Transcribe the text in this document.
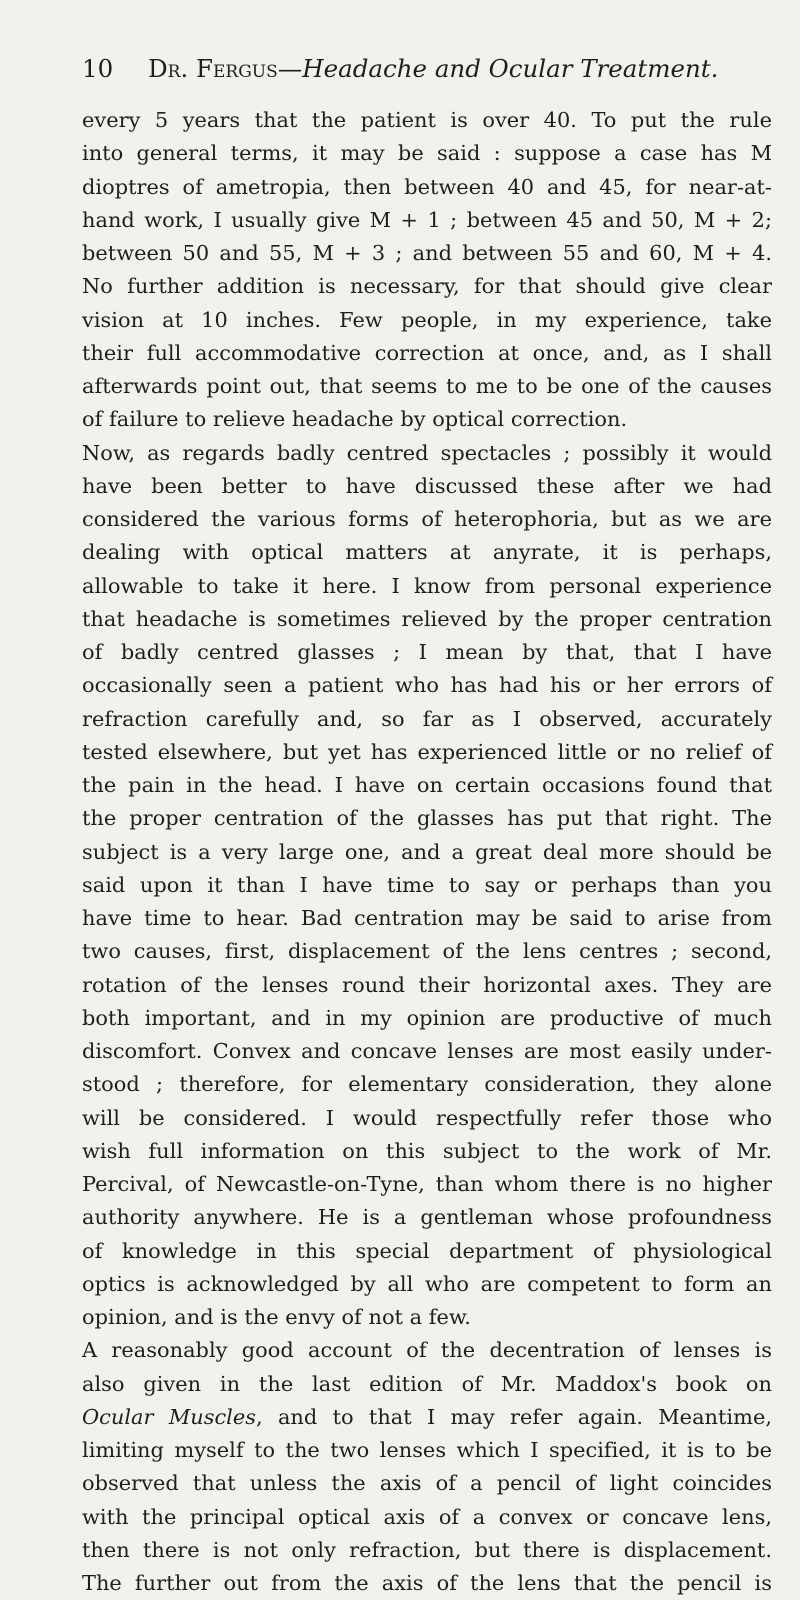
10 Dr. Fergus—Headache and Ocular Treatment.
every 5 years that the patient is over 40. To put the rule
into general terms, it may be said : suppose a case has M
dioptres of ametropia, then between 40 and 45, for near-at-
hand work, I usually give M + 1 ; between 45 and 50, M + 2;
between 50 and 55, M + 3 ; and between 55 and 60, M + 4.
No further addition is necessary, for that should give clear
vision at 10 inches. Few people, in my experience, take
their full accommodative correction at once, and, as I shall
afterwards point out, that seems to me to be one of the causes
of failure to relieve headache by optical correction.
Now, as regards badly centred spectacles ; possibly it would
have been better to have discussed these after we had
considered the various forms of heterophoria, but as we are
dealing with optical matters at anyrate, it is perhaps,
allowable to take it here. I know from personal experience
that headache is sometimes relieved by the proper centration
of badly centred glasses ; I mean by that, that I have
occasionally seen a patient who has had his or her errors of
refraction carefully and, so far as I observed, accurately
tested elsewhere, but yet has experienced little or no relief of
the pain in the head. I have on certain occasions found that
the proper centration of the glasses has put that right. The
subject is a very large one, and a great deal more should be
said upon it than I have time to say or perhaps than you
have time to hear. Bad centration may be said to arise from
two causes, first, displacement of the lens centres ; second,
rotation of the lenses round their horizontal axes. They are
both important, and in my opinion are productive of much
discomfort. Convex and concave lenses are most easily under-
stood ; therefore, for elementary consideration, they alone
will be considered. I would respectfully refer those who
wish full information on this subject to the work of Mr.
Percival, of Newcastle-on-Tyne, than whom there is no higher
authority anywhere. He is a gentleman whose profoundness
of knowledge in this special department of physiological
optics is acknowledged by all who are competent to form an
opinion, and is the envy of not a few.
A reasonably good account of the decentration of lenses is
also given in the last edition of Mr. Maddox's book on
Ocular Muscles, and to that I may refer again. Meantime,
limiting myself to the two lenses which I specified, it is to be
observed that unless the axis of a pencil of light coincides
with the principal optical axis of a convex or concave lens,
then there is not only refraction, but there is displacement.
The further out from the axis of the lens that the pencil is
